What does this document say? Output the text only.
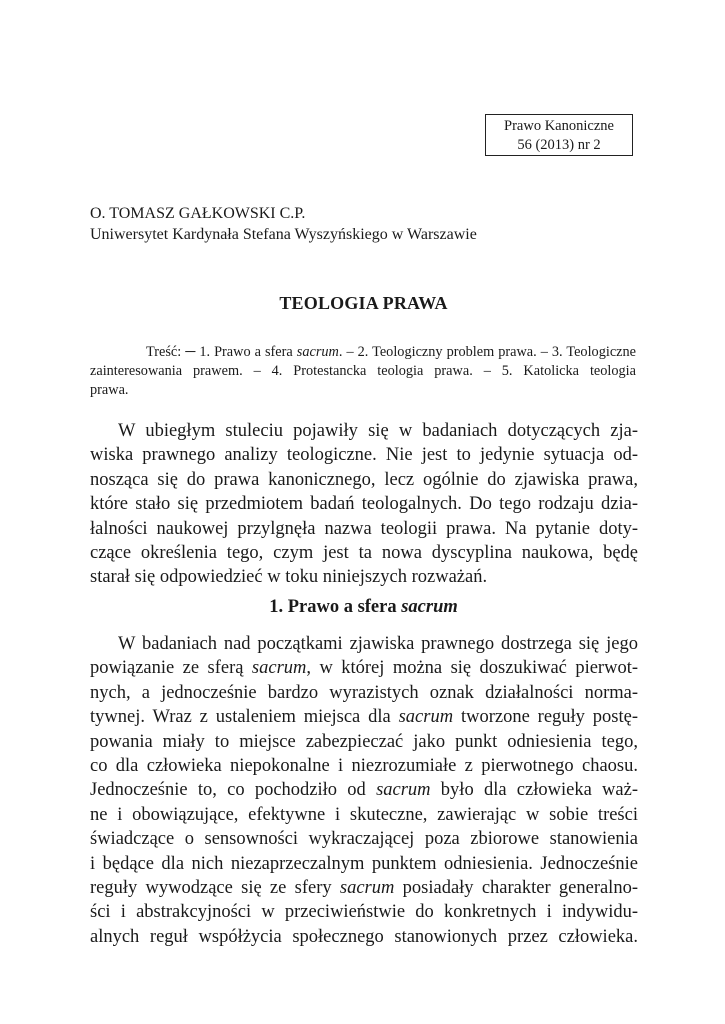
Prawo Kanoniczne
56 (2013) nr 2
O. TOMASZ GAŁKOWSKI C.P.
Uniwersytet Kardynała Stefana Wyszyńskiego w Warszawie
TEOLOGIA PRAWA
Treść: ─ 1. Prawo a sfera sacrum. – 2. Teologiczny problem prawa. – 3. Teologiczne
zainteresowania prawem. – 4. Protestancka teologia prawa. – 5. Katolicka teologia
prawa.
W ubiegłym stuleciu pojawiły się w badaniach dotyczących zja-
wiska prawnego analizy teologiczne. Nie jest to jedynie sytuacja od-
nosząca się do prawa kanonicznego, lecz ogólnie do zjawiska prawa,
które stało się przedmiotem badań teologalnych. Do tego rodzaju dzia-
łalności naukowej przylgnęła nazwa teologii prawa. Na pytanie doty-
czące określenia tego, czym jest ta nowa dyscyplina naukowa, będę
starał się odpowiedzieć w toku niniejszych rozważań.
1. Prawo a sfera sacrum
W badaniach nad początkami zjawiska prawnego dostrzega się jego
powiązanie ze sferą sacrum, w której można się doszukiwać pierwot-
nych, a jednocześnie bardzo wyrazistych oznak działalności norma-
tywnej. Wraz z ustaleniem miejsca dla sacrum tworzone reguły postę-
powania miały to miejsce zabezpieczać jako punkt odniesienia tego,
co dla człowieka niepokonalne i niezrozumiałe z pierwotnego chaosu.
Jednocześnie to, co pochodziło od sacrum było dla człowieka waż-
ne i obowiązujące, efektywne i skuteczne, zawierając w sobie treści
świadczące o sensowności wykraczającej poza zbiorowe stanowienia
i będące dla nich niezaprzeczalnym punktem odniesienia. Jednocześnie
reguły wywodzące się ze sfery sacrum posiadały charakter generalno-
ści i abstrakcyjności w przeciwieństwie do konkretnych i indywidu-
alnych reguł współżycia społecznego stanowionych przez człowieka.
